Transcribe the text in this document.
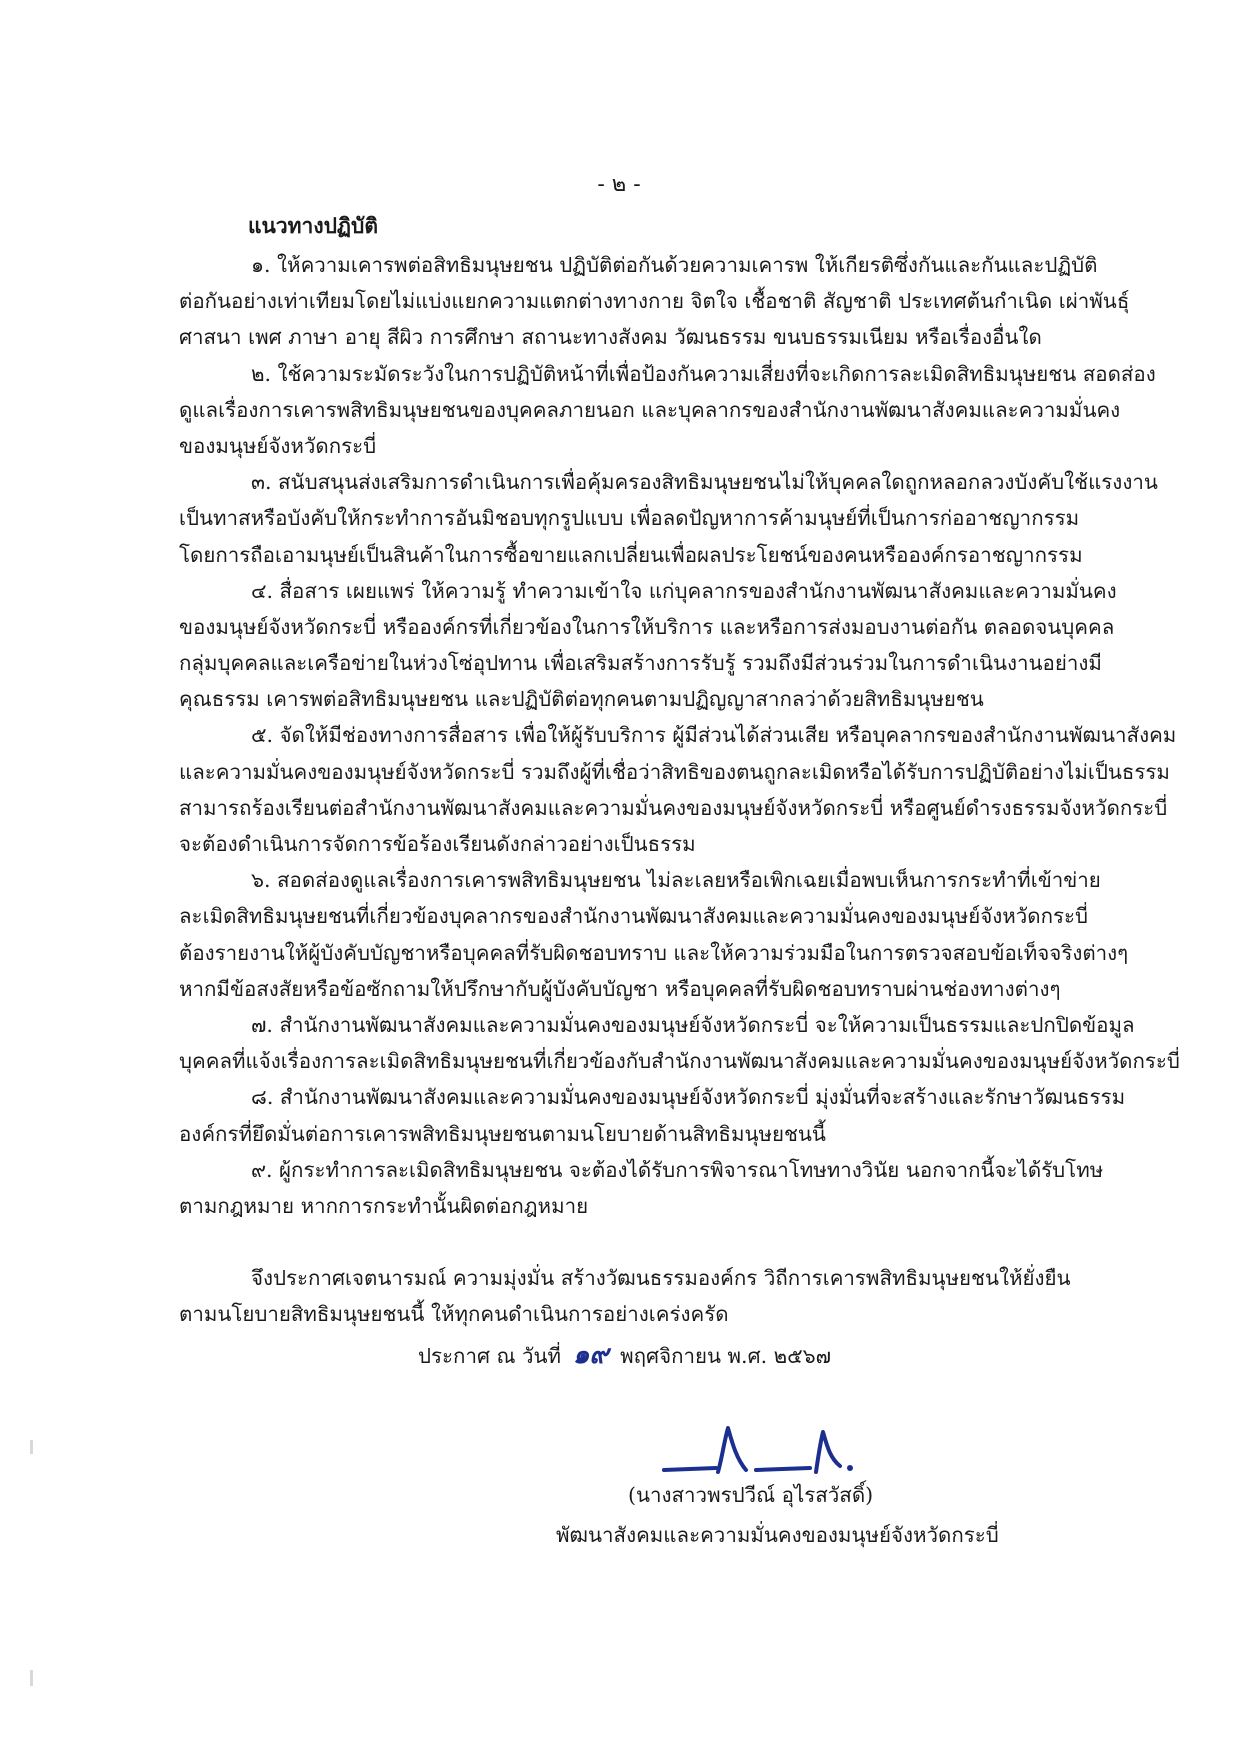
- ๒ -
แนวทางปฏิบัติ
๑. ให้ความเคารพต่อสิทธิมนุษยชน ปฏิบัติต่อกันด้วยความเคารพ ให้เกียรติซึ่งกันและกันและปฏิบัติ
ต่อกันอย่างเท่าเทียมโดยไม่แบ่งแยกความแตกต่างทางกาย จิตใจ เชื้อชาติ สัญชาติ ประเทศต้นกำเนิด เผ่าพันธุ์
ศาสนา เพศ ภาษา อายุ สีผิว การศึกษา สถานะทางสังคม วัฒนธรรม ขนบธรรมเนียม หรือเรื่องอื่นใด
๒. ใช้ความระมัดระวังในการปฏิบัติหน้าที่เพื่อป้องกันความเสี่ยงที่จะเกิดการละเมิดสิทธิมนุษยชน สอดส่อง
ดูแลเรื่องการเคารพสิทธิมนุษยชนของบุคคลภายนอก และบุคลากรของสำนักงานพัฒนาสังคมและความมั่นคง
ของมนุษย์จังหวัดกระบี่
๓. สนับสนุนส่งเสริมการดำเนินการเพื่อคุ้มครองสิทธิมนุษยชนไม่ให้บุคคลใดถูกหลอกลวงบังคับใช้แรงงาน
เป็นทาสหรือบังคับให้กระทำการอันมิชอบทุกรูปแบบ เพื่อลดปัญหาการค้ามนุษย์ที่เป็นการก่ออาชญากรรม
โดยการถือเอามนุษย์เป็นสินค้าในการซื้อขายแลกเปลี่ยนเพื่อผลประโยชน์ของคนหรือองค์กรอาชญากรรม
๔. สื่อสาร เผยแพร่ ให้ความรู้ ทำความเข้าใจ แก่บุคลากรของสำนักงานพัฒนาสังคมและความมั่นคง
ของมนุษย์จังหวัดกระบี่ หรือองค์กรที่เกี่ยวข้องในการให้บริการ และหรือการส่งมอบงานต่อกัน ตลอดจนบุคคล
กลุ่มบุคคลและเครือข่ายในห่วงโซ่อุปทาน เพื่อเสริมสร้างการรับรู้ รวมถึงมีส่วนร่วมในการดำเนินงานอย่างมี
คุณธรรม เคารพต่อสิทธิมนุษยชน และปฏิบัติต่อทุกคนตามปฏิญญาสากลว่าด้วยสิทธิมนุษยชน
๕. จัดให้มีช่องทางการสื่อสาร เพื่อให้ผู้รับบริการ ผู้มีส่วนได้ส่วนเสีย หรือบุคลากรของสำนักงานพัฒนาสังคม
และความมั่นคงของมนุษย์จังหวัดกระบี่ รวมถึงผู้ที่เชื่อว่าสิทธิของตนถูกละเมิดหรือได้รับการปฏิบัติอย่างไม่เป็นธรรม
สามารถร้องเรียนต่อสำนักงานพัฒนาสังคมและความมั่นคงของมนุษย์จังหวัดกระบี่ หรือศูนย์ดำรงธรรมจังหวัดกระบี่
จะต้องดำเนินการจัดการข้อร้องเรียนดังกล่าวอย่างเป็นธรรม
๖. สอดส่องดูแลเรื่องการเคารพสิทธิมนุษยชน ไม่ละเลยหรือเพิกเฉยเมื่อพบเห็นการกระทำที่เข้าข่าย
ละเมิดสิทธิมนุษยชนที่เกี่ยวข้องบุคลากรของสำนักงานพัฒนาสังคมและความมั่นคงของมนุษย์จังหวัดกระบี่
ต้องรายงานให้ผู้บังคับบัญชาหรือบุคคลที่รับผิดชอบทราบ และให้ความร่วมมือในการตรวจสอบข้อเท็จจริงต่างๆ
หากมีข้อสงสัยหรือข้อซักถามให้ปรึกษากับผู้บังคับบัญชา หรือบุคคลที่รับผิดชอบทราบผ่านช่องทางต่างๆ
๗. สำนักงานพัฒนาสังคมและความมั่นคงของมนุษย์จังหวัดกระบี่ จะให้ความเป็นธรรมและปกปิดข้อมูล
บุคคลที่แจ้งเรื่องการละเมิดสิทธิมนุษยชนที่เกี่ยวข้องกับสำนักงานพัฒนาสังคมและความมั่นคงของมนุษย์จังหวัดกระบี่
๘. สำนักงานพัฒนาสังคมและความมั่นคงของมนุษย์จังหวัดกระบี่ มุ่งมั่นที่จะสร้างและรักษาวัฒนธรรม
องค์กรที่ยึดมั่นต่อการเคารพสิทธิมนุษยชนตามนโยบายด้านสิทธิมนุษยชนนี้
๙. ผู้กระทำการละเมิดสิทธิมนุษยชน จะต้องได้รับการพิจารณาโทษทางวินัย นอกจากนี้จะได้รับโทษ
ตามกฎหมาย หากการกระทำนั้นผิดต่อกฎหมาย
จึงประกาศเจตนารมณ์ ความมุ่งมั่น สร้างวัฒนธรรมองค์กร วิถีการเคารพสิทธิมนุษยชนให้ยั่งยืน
ตามนโยบายสิทธิมนุษยชนนี้ ให้ทุกคนดำเนินการอย่างเคร่งครัด
ประกาศ ณ วันที่ ๑๙ พฤศจิกายน พ.ศ. ๒๕๖๗
(นางสาวพรปวีณ์ อุไรสวัสดิ์)
พัฒนาสังคมและความมั่นคงของมนุษย์จังหวัดกระบี่
